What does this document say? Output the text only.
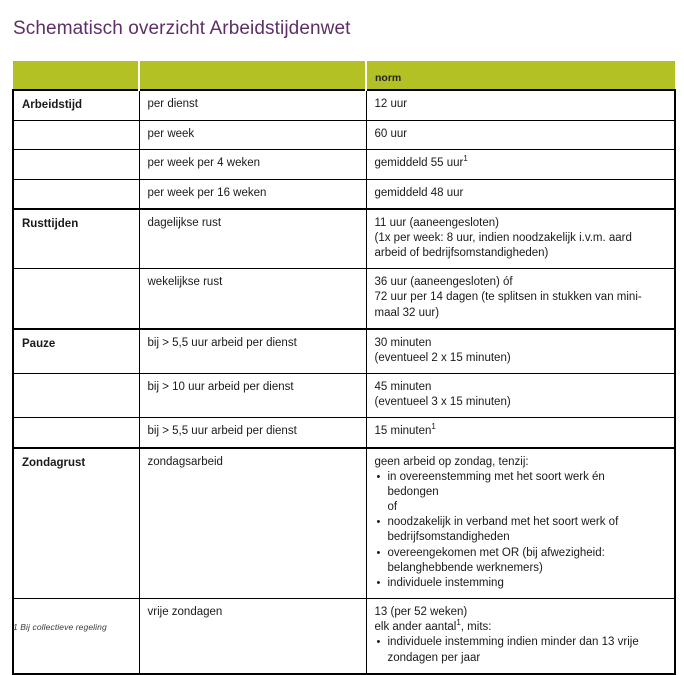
Schematisch overzicht Arbeidstijdenwet

		norm

Arbeidstijd	per dienst	12 uur

	per week	60 uur

	per week per 4 weken	gemiddeld 55 uur$^1$

	per week per 16 weken	gemiddeld 48 uur

Rusttijden	dagelijkse rust	11 uur (aaneengesloten)
(1x per week: 8 uur, indien noodzakelijk i.v.m. aard
arbeid of bedrijfsomstandigheden)

	wekelijkse rust	36 uur (aaneengesloten) óf
72 uur per 14 dagen (te splitsen in stukken van mini-
maal 32 uur)

Pauze	bij > 5,5 uur arbeid per dienst	30 minuten
(eventueel 2 x 15 minuten)

	bij > 10 uur arbeid per dienst	45 minuten
(eventueel 3 x 15 minuten)

	bij > 5,5 uur arbeid per dienst	15 minuten$^1$

Zondagrust	zondagsarbeid	geen arbeid op zondag, tenzij:
• in overeenstemming met het soort werk én
bedongen
of
• noodzakelijk in verband met het soort werk of
bedrijfsomstandigheden
• overeengekomen met OR (bij afwezigheid:
belanghebbende werknemers)
• individuele instemming

	vrije zondagen	13 (per 52 weken)
elk ander aantal$^1$, mits:
• individuele instemming indien minder dan 13 vrije
zondagen per jaar
1 Bij collectieve regeling
